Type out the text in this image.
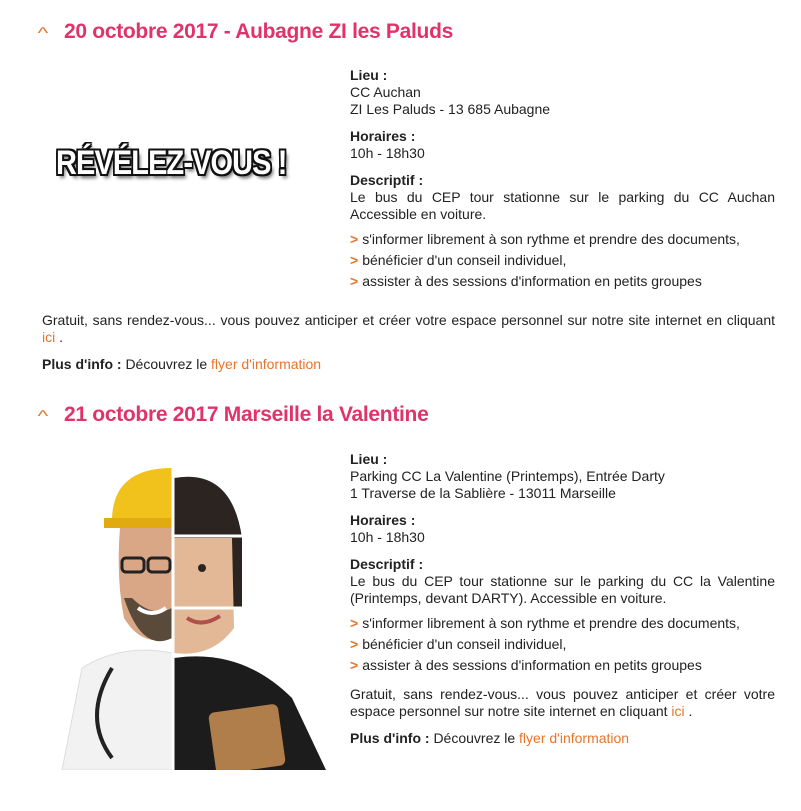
^ 20 octobre 2017 - Aubagne ZI les Paluds
RÉVÉLEZ-VOUS !
Lieu :
CC Auchan
ZI Les Paluds - 13 685 Aubagne
Horaires :
10h - 18h30
Descriptif :
Le bus du CEP tour stationne sur le parking du CC Auchan Accessible en voiture.
> s'informer librement à son rythme et prendre des documents,
> bénéficier d'un conseil individuel,
> assister à des sessions d'information en petits groupes
Gratuit, sans rendez-vous... vous pouvez anticiper et créer votre espace personnel sur notre site internet en cliquant ici .
Plus d'info : Découvrez le flyer d'information
^ 21 octobre 2017 Marseille la Valentine
Lieu :
Parking CC La Valentine (Printemps), Entrée Darty
1 Traverse de la Sablière - 13011 Marseille
Horaires :
10h - 18h30
Descriptif :
Le bus du CEP tour stationne sur le parking du CC la Valentine (Printemps, devant DARTY). Accessible en voiture.
> s'informer librement à son rythme et prendre des documents,
> bénéficier d'un conseil individuel,
> assister à des sessions d'information en petits groupes
Gratuit, sans rendez-vous... vous pouvez anticiper et créer votre espace personnel sur notre site internet en cliquant ici .
Plus d'info : Découvrez le flyer d'information
